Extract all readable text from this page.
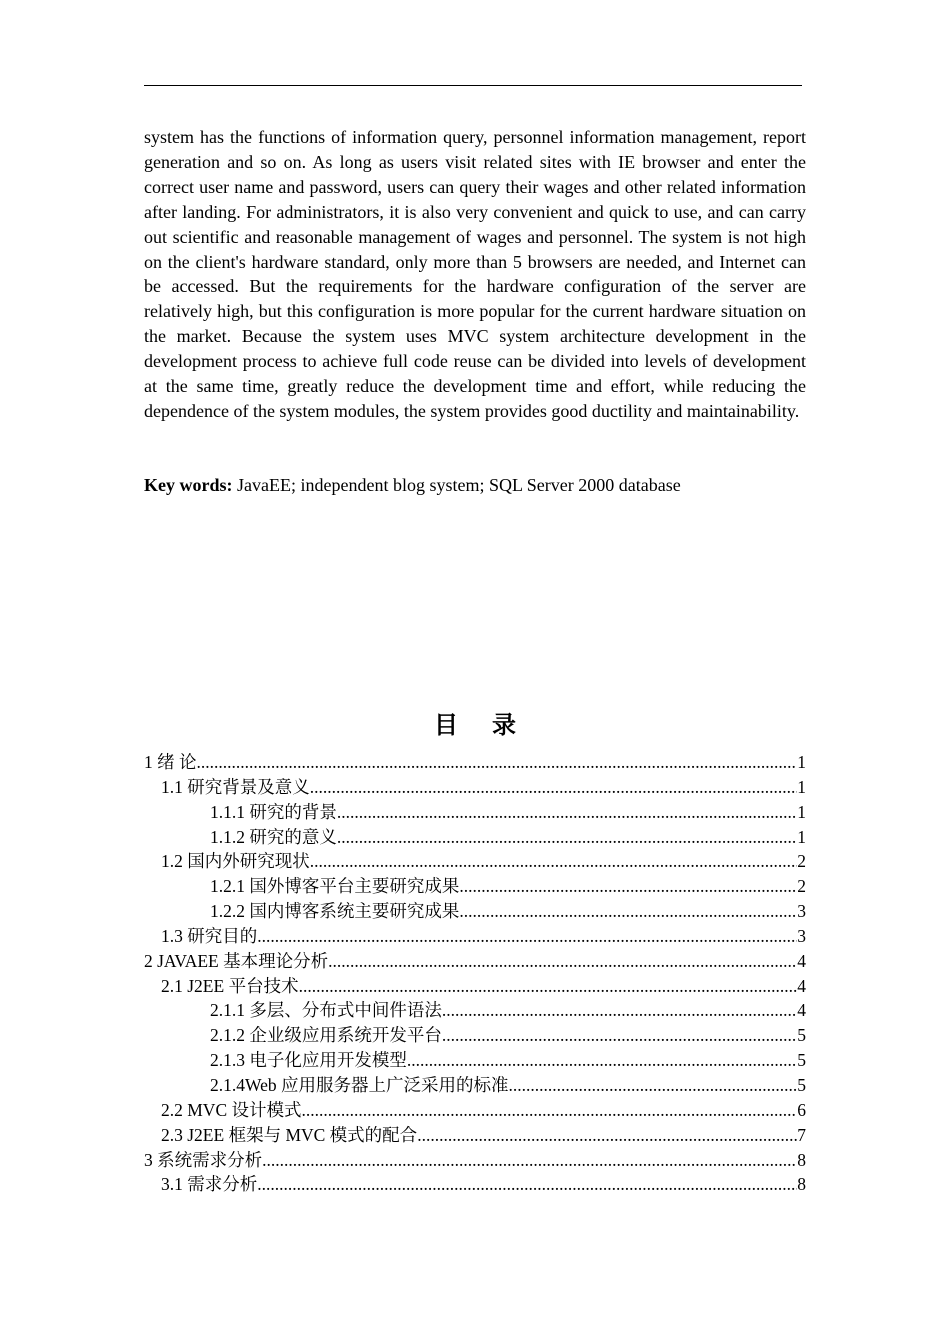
system has the functions of information query, personnel information management, report generation and so on. As long as users visit related sites with IE browser and enter the correct user name and password, users can query their wages and other related information after landing. For administrators, it is also very convenient and quick to use, and can carry out scientific and reasonable management of wages and personnel. The system is not high on the client's hardware standard, only more than 5 browsers are needed, and Internet can be accessed. But the requirements for the hardware configuration of the server are relatively high, but this configuration is more popular for the current hardware situation on the market. Because the system uses MVC system architecture development in the development process to achieve full code reuse can be divided into levels of development at the same time, greatly reduce the development time and effort, while reducing the dependence of the system modules, the system provides good ductility and maintainability.

Key words: JavaEE; independent blog system; SQL Server 2000 database

目录
1 绪 论 .....	1
1.1 研究背景及意义 .....	1
1.1.1 研究的背景 .....	1
1.1.2 研究的意义 .....	1
1.2 国内外研究现状 .....	2
1.2.1 国外博客平台主要研究成果 .....	2
1.2.2 国内博客系统主要研究成果 .....	3
1.3 研究目的 .....	3
2 JAVAEE 基本理论分析 .....	4
2.1 J2EE 平台技术 .....	4
2.1.1 多层、分布式中间件语法 .....	4
2.1.2 企业级应用系统开发平台 .....	5
2.1.3 电子化应用开发模型 .....	5
2.1.4Web 应用服务器上广泛采用的标准 .....	5
2.2 MVC 设计模式 .....	6
2.3 J2EE 框架与 MVC 模式的配合 .....	7
3 系统需求分析 .....	8
3.1 需求分析 .....	8
